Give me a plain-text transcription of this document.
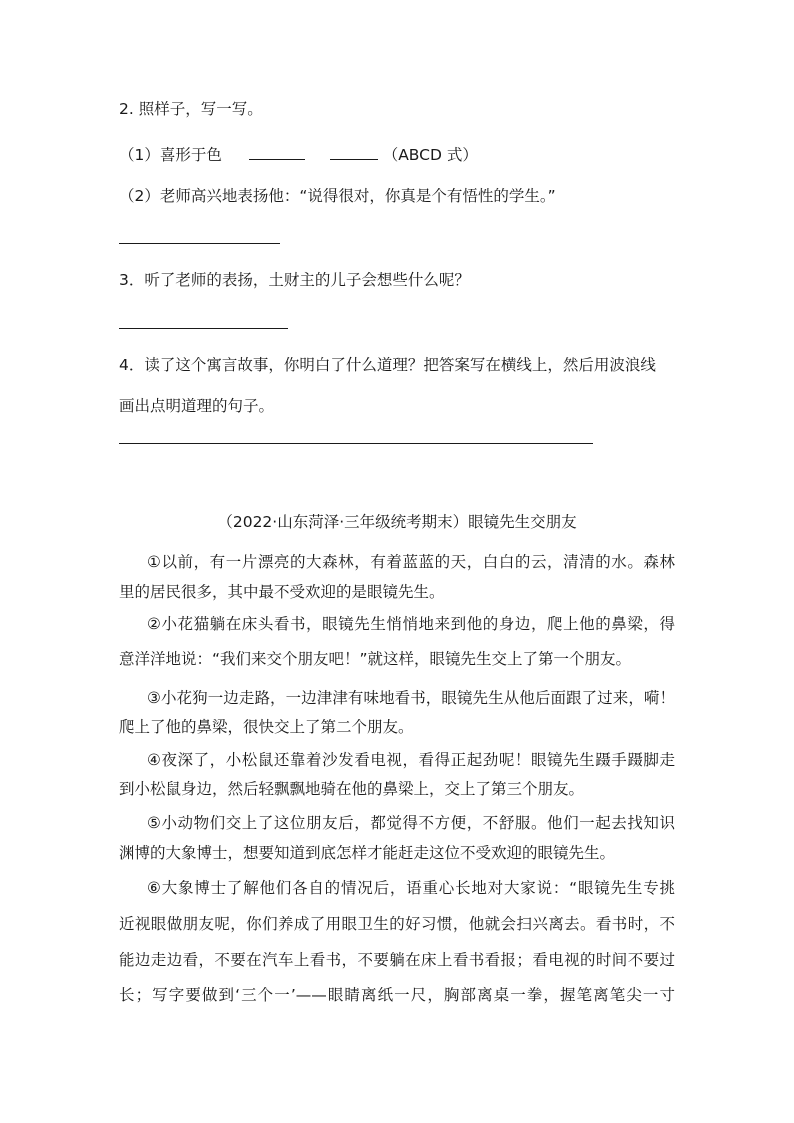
2. 照样子，写一写。
（1）喜形于色	（ABCD 式）
（2）老师高兴地表扬他：“说得很对，你真是个有悟性的学生。”
3．听了老师的表扬，土财主的儿子会想些什么呢？
4．读了这个寓言故事，你明白了什么道理？把答案写在横线上，然后用波浪线
画出点明道理的句子。
（2022·山东菏泽·三年级统考期末）眼镜先生交朋友
①以前，有一片漂亮的大森林，有着蓝蓝的天，白白的云，清清的水。森林
里的居民很多，其中最不受欢迎的是眼镜先生。
②小花猫躺在床头看书，眼镜先生悄悄地来到他的身边，爬上他的鼻梁，得
意洋洋地说：“我们来交个朋友吧！”就这样，眼镜先生交上了第一个朋友。
③小花狗一边走路，一边津津有味地看书，眼镜先生从他后面跟了过来，嗬！
爬上了他的鼻梁，很快交上了第二个朋友。
④夜深了，小松鼠还靠着沙发看电视，看得正起劲呢！眼镜先生蹑手蹑脚走
到小松鼠身边，然后轻飘飘地骑在他的鼻梁上，交上了第三个朋友。
⑤小动物们交上了这位朋友后，都觉得不方便，不舒服。他们一起去找知识
渊博的大象博士，想要知道到底怎样才能赶走这位不受欢迎的眼镜先生。
⑥大象博士了解他们各自的情况后，语重心长地对大家说：“眼镜先生专挑
近视眼做朋友呢，你们养成了用眼卫生的好习惯，他就会扫兴离去。看书时，不
能边走边看，不要在汽车上看书，不要躺在床上看书看报；看电视的时间不要过
长；写字要做到‘三个一’——眼睛离纸一尺，胸部离桌一拳，握笔离笔尖一寸
